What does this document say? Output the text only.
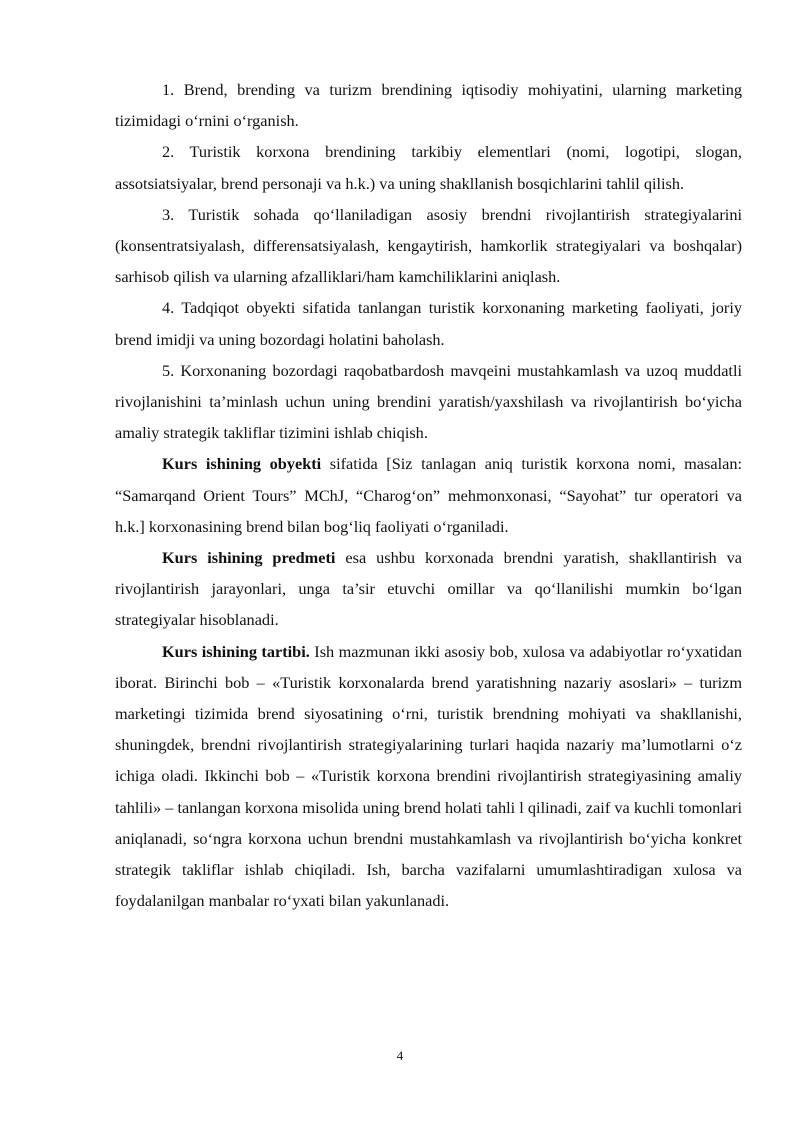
1. Brend, brending va turizm brendining iqtisodiy mohiyatini, ularning marketing tizimidagi o‘rnini o‘rganish.

2. Turistik korxona brendining tarkibiy elementlari (nomi, logotipi, slogan, assotsiatsiyalar, brend personaji va h.k.) va uning shakllanish bosqichlarini tahlil qilish.

3. Turistik sohada qo‘llaniladigan asosiy brendni rivojlantirish strategiyalarini (konsentratsiyalash, differensatsiyalash, kengaytirish, hamkorlik strategiyalari va boshqalar) sarhisob qilish va ularning afzalliklari/ham kamchiliklarini aniqlash.

4. Tadqiqot obyekti sifatida tanlangan turistik korxonaning marketing faoliyati, joriy brend imidji va uning bozordagi holatini baholash.

5. Korxonaning bozordagi raqobatbardosh mavqeini mustahkamlash va uzoq muddatli rivojlanishini ta’minlash uchun uning brendini yaratish/yaxshilash va rivojlantirish bo‘yicha amaliy strategik takliflar tizimini ishlab chiqish.

Kurs ishining obyekti sifatida [Siz tanlagan aniq turistik korxona nomi, masalan: “Samarqand Orient Tours” MChJ, “Charog‘on” mehmonxonasi, “Sayohat” tur operatori va h.k.] korxonasining brend bilan bog‘liq faoliyati o‘rganiladi.

Kurs ishining predmeti esa ushbu korxonada brendni yaratish, shakllantirish va rivojlantirish jarayonlari, unga ta’sir etuvchi omillar va qo‘llanilishi mumkin bo‘lgan strategiyalar hisoblanadi.

Kurs ishining tartibi. Ish mazmunan ikki asosiy bob, xulosa va adabiyotlar ro‘yxatidan iborat. Birinchi bob – «Turistik korxonalarda brend yaratishning nazariy asoslari» – turizm marketingi tizimida brend siyosatining o‘rni, turistik brendning mohiyati va shakllanishi, shuningdek, brendni rivojlantirish strategiyalarining turlari haqida nazariy ma’lumotlarni o‘z ichiga oladi. Ikkinchi bob – «Turistik korxona brendini rivojlantirish strategiyasining amaliy tahlili» – tanlangan korxona misolida uning brend holati tahli l qilinadi, zaif va kuchli tomonlari aniqlanadi, so‘ngra korxona uchun brendni mustahkamlash va rivojlantirish bo‘yicha konkret strategik takliflar ishlab chiqiladi. Ish, barcha vazifalarni umumlashtiradigan xulosa va foydalanilgan manbalar ro‘yxati bilan yakunlanadi.

4
